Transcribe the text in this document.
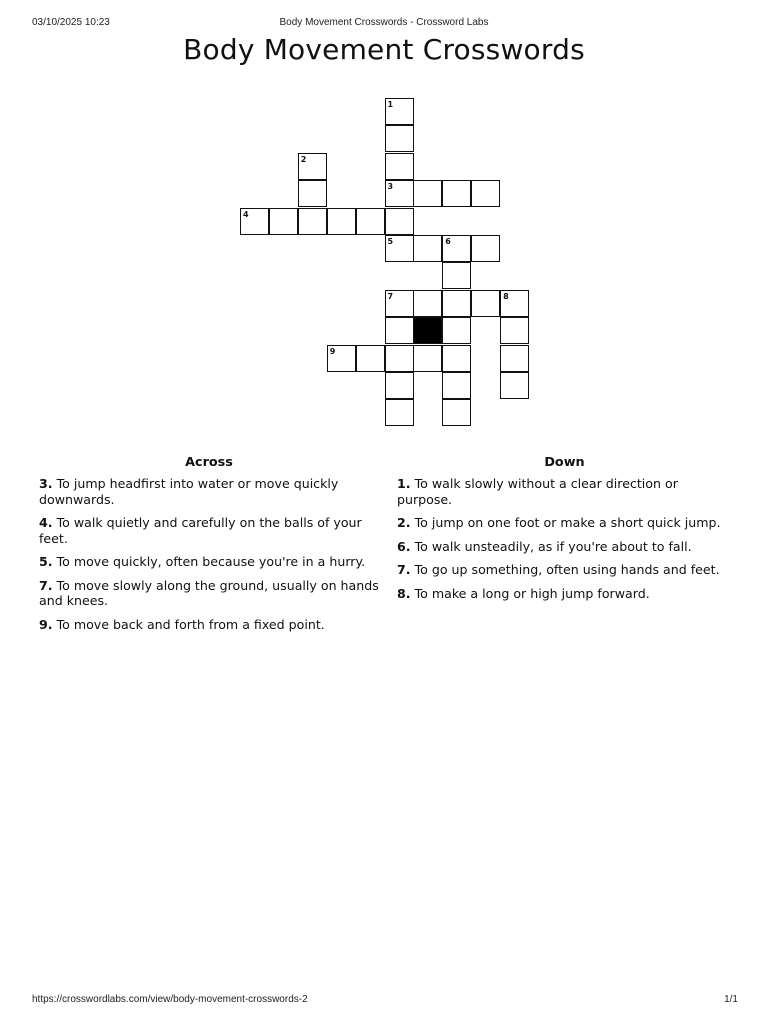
03/10/2025 10:23	Body Movement Crosswords - Crossword Labs
Body Movement Crosswords
1
2
3
4
5	6
7	8
9
Across
3. To jump headfirst into water or move quickly downwards.
4. To walk quietly and carefully on the balls of your feet.
5. To move quickly, often because you're in a hurry.
7. To move slowly along the ground, usually on hands and knees.
9. To move back and forth from a fixed point.
Down
1. To walk slowly without a clear direction or purpose.
2. To jump on one foot or make a short quick jump.
6. To walk unsteadily, as if you're about to fall.
7. To go up something, often using hands and feet.
8. To make a long or high jump forward.
https://crosswordlabs.com/view/body-movement-crosswords-2	1/1
